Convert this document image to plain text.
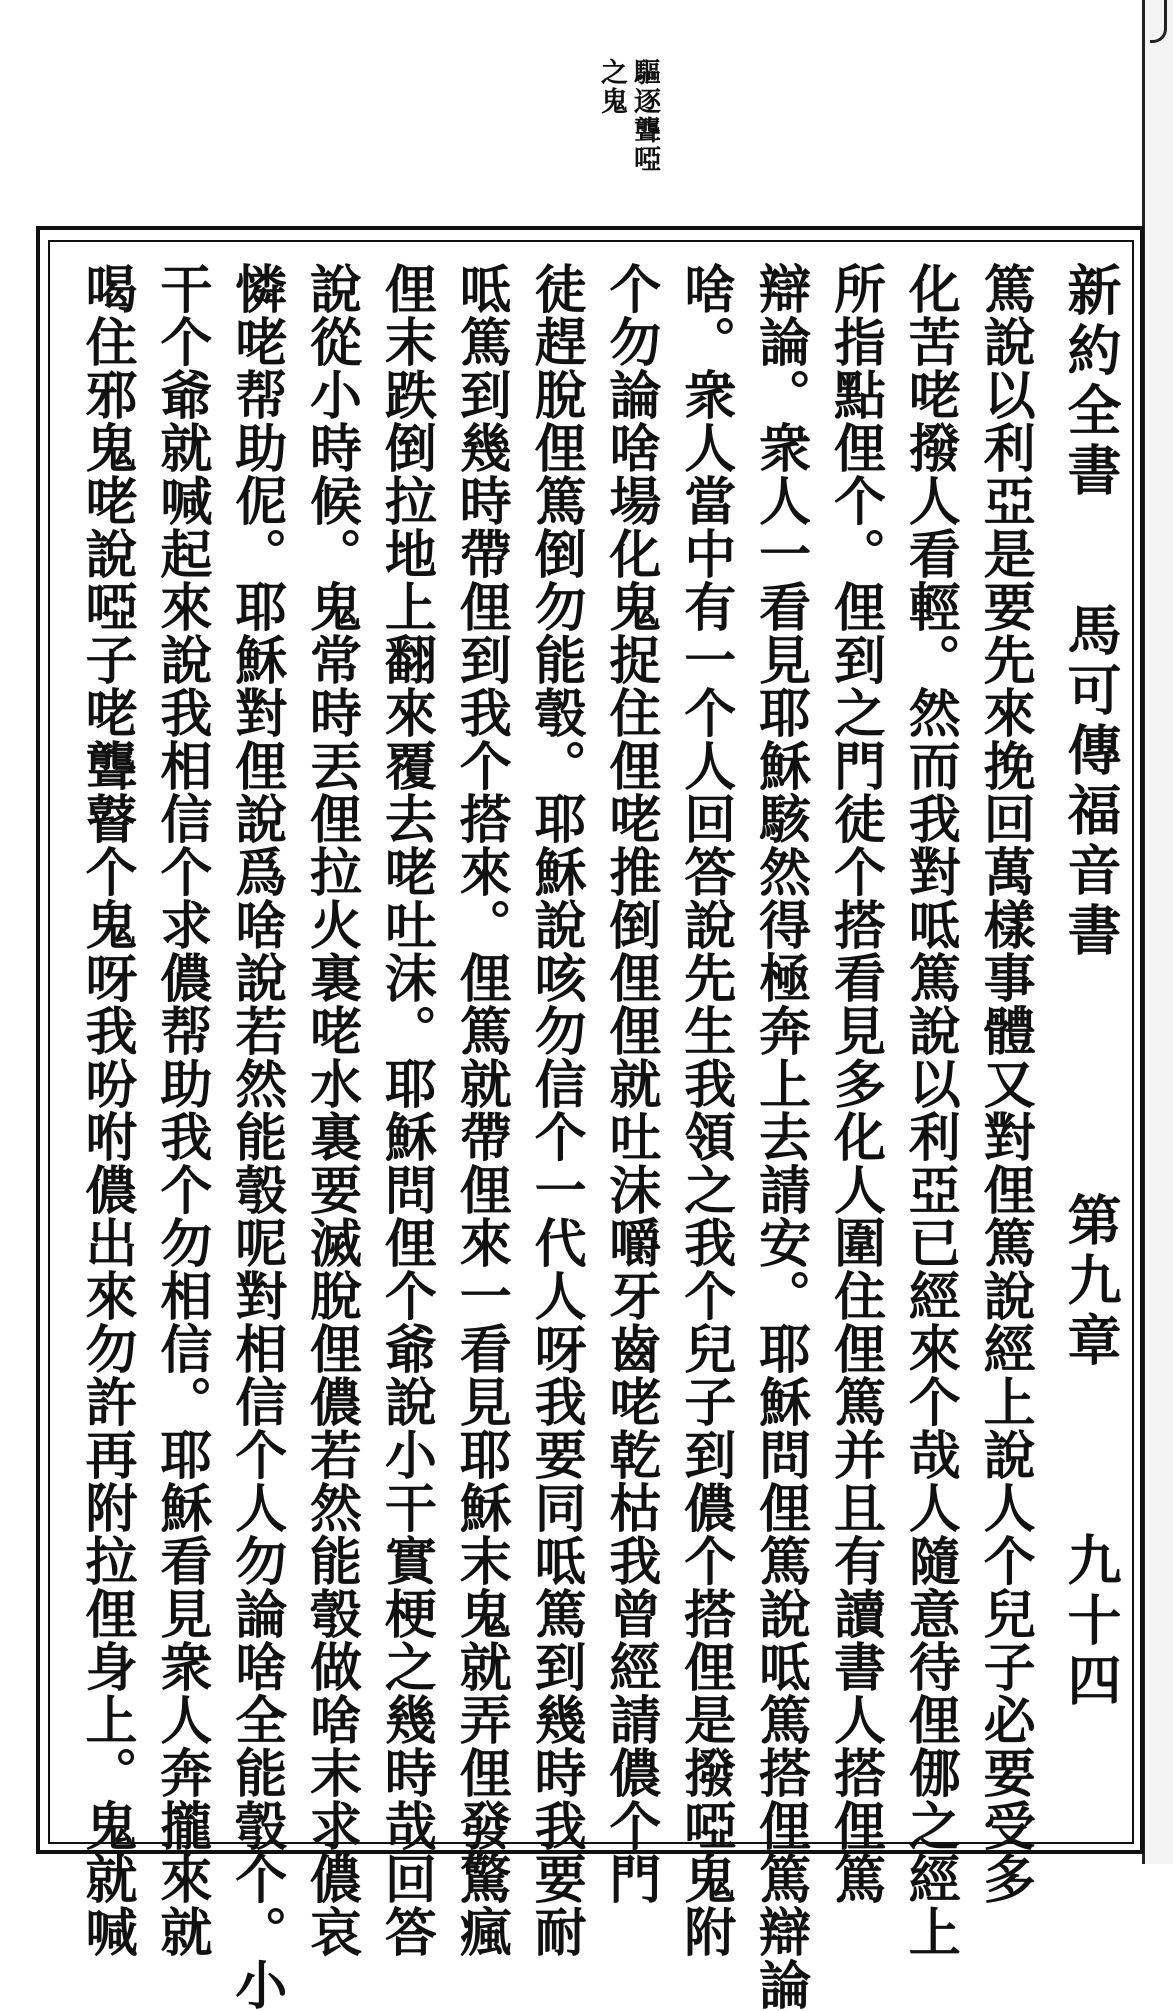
驅逐聾啞
之鬼
新約全書
馬可傳福音書
第九章
九十四
篤說以利亞是要先來挽回萬樣事體又對俚篤說經上說人个兒子必要受多
化苦咾撥人看輕。然而我對呧篤說以利亞已經來个哉人隨意待俚㑚之經上
所指點俚个。俚到之門徒个搭看見多化人圍住俚篤并且有讀書人搭俚篤
辯論。衆人一看見耶穌駭然得極奔上去請安。耶穌問俚篤說呧篤搭俚篤辯論
啥。衆人當中有一个人回答說先生我領之我个兒子到儂个搭俚是撥啞鬼附
个勿論啥場化鬼捉住俚咾推倒俚俚就吐沫嚼牙齒咾乾枯我曾經請儂个門
徒趕脫俚篤倒勿能彀。耶穌說咳勿信个一代人呀我要同呧篤到幾時我要耐
呧篤到幾時帶俚到我个搭來。俚篤就帶俚來一看見耶穌末鬼就弄俚發驚瘋
俚末跌倒拉地上翻來覆去咾吐沫。耶穌問俚个爺說小干實梗之幾時哉回答
說從小時候。鬼常時丟俚拉火裏咾水裏要滅脫俚儂若然能彀做啥末求儂哀
憐咾帮助伲。耶穌對俚說爲啥說若然能彀呢對相信个人勿論啥全能彀个。小
干个爺就喊起來說我相信个求儂帮助我个勿相信。耶穌看見衆人奔攏來就
喝住邪鬼咾說啞子咾聾瞽个鬼呀我吩咐儂出來勿許再附拉俚身上。鬼就喊
